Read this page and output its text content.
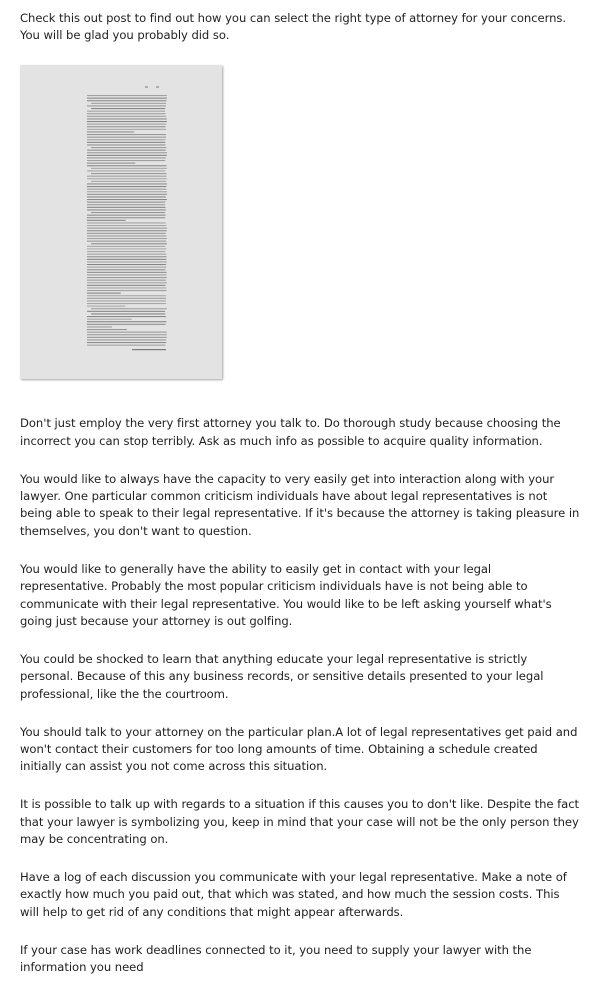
Check this out post to find out how you can select the right type of attorney for your concerns. You will be glad you probably did so.

Don't just employ the very first attorney you talk to. Do thorough study because choosing the incorrect you can stop terribly. Ask as much info as possible to acquire quality information.

You would like to always have the capacity to very easily get into interaction along with your lawyer. One particular common criticism individuals have about legal representatives is not being able to speak to their legal representative. If it's because the attorney is taking pleasure in themselves, you don't want to question.

You would like to generally have the ability to easily get in contact with your legal representative. Probably the most popular criticism individuals have is not being able to communicate with their legal representative. You would like to be left asking yourself what's going just because your attorney is out golfing.

You could be shocked to learn that anything educate your legal representative is strictly personal. Because of this any business records, or sensitive details presented to your legal professional, like the the courtroom.

You should talk to your attorney on the particular plan.A lot of legal representatives get paid and won't contact their customers for too long amounts of time. Obtaining a schedule created initially can assist you not come across this situation.

It is possible to talk up with regards to a situation if this causes you to don't like. Despite the fact that your lawyer is symbolizing you, keep in mind that your case will not be the only person they may be concentrating on.

Have a log of each discussion you communicate with your legal representative. Make a note of exactly how much you paid out, that which was stated, and how much the session costs. This will help to get rid of any conditions that might appear afterwards.

If your case has work deadlines connected to it, you need to supply your lawyer with the information you need
